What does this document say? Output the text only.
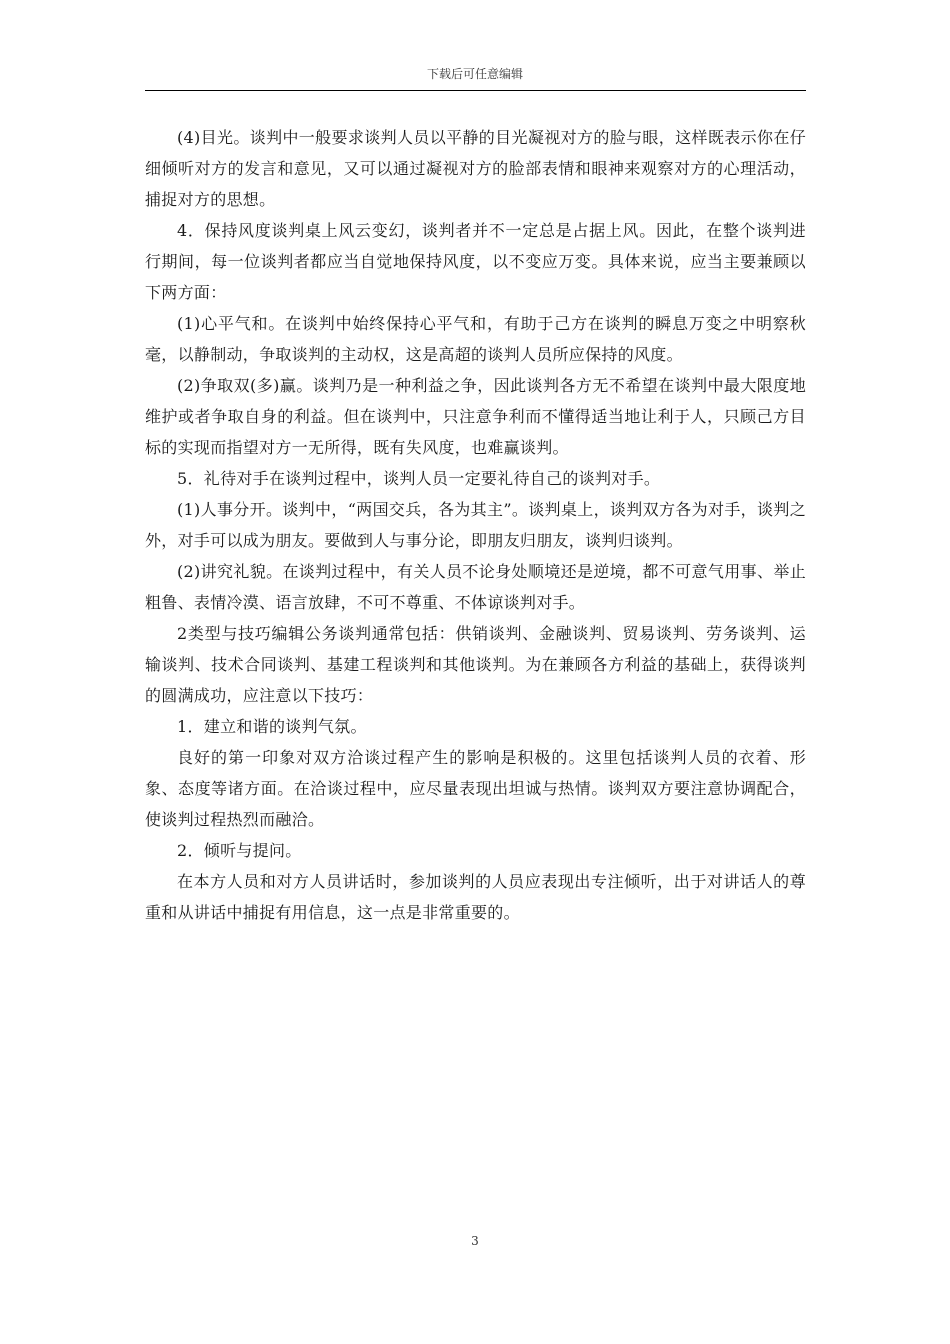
下载后可任意编辑

(4)目光。谈判中一般要求谈判人员以平静的目光凝视对方的脸与眼，这样既表示你在仔细倾听对方的发言和意见，又可以通过凝视对方的脸部表情和眼神来观察对方的心理活动，捕捉对方的思想。

4．保持风度谈判桌上风云变幻，谈判者并不一定总是占据上风。因此，在整个谈判进行期间，每一位谈判者都应当自觉地保持风度，以不变应万变。具体来说，应当主要兼顾以下两方面：

(1)心平气和。在谈判中始终保持心平气和，有助于己方在谈判的瞬息万变之中明察秋毫，以静制动，争取谈判的主动权，这是高超的谈判人员所应保持的风度。

(2)争取双(多)赢。谈判乃是一种利益之争，因此谈判各方无不希望在谈判中最大限度地维护或者争取自身的利益。但在谈判中，只注意争利而不懂得适当地让利于人，只顾己方目标的实现而指望对方一无所得，既有失风度，也难赢谈判。

5．礼待对手在谈判过程中，谈判人员一定要礼待自己的谈判对手。

(1)人事分开。谈判中，“两国交兵，各为其主”。谈判桌上，谈判双方各为对手，谈判之外，对手可以成为朋友。要做到人与事分论，即朋友归朋友，谈判归谈判。

(2)讲究礼貌。在谈判过程中，有关人员不论身处顺境还是逆境，都不可意气用事、举止粗鲁、表情冷漠、语言放肆，不可不尊重、不体谅谈判对手。

2类型与技巧编辑公务谈判通常包括：供销谈判、金融谈判、贸易谈判、劳务谈判、运输谈判、技术合同谈判、基建工程谈判和其他谈判。为在兼顾各方利益的基础上，获得谈判的圆满成功，应注意以下技巧：

1．建立和谐的谈判气氛。

良好的第一印象对双方洽谈过程产生的影响是积极的。这里包括谈判人员的衣着、形象、态度等诸方面。在洽谈过程中，应尽量表现出坦诚与热情。谈判双方要注意协调配合，使谈判过程热烈而融洽。

2．倾听与提问。

在本方人员和对方人员讲话时，参加谈判的人员应表现出专注倾听，出于对讲话人的尊重和从讲话中捕捉有用信息，这一点是非常重要的。

3
